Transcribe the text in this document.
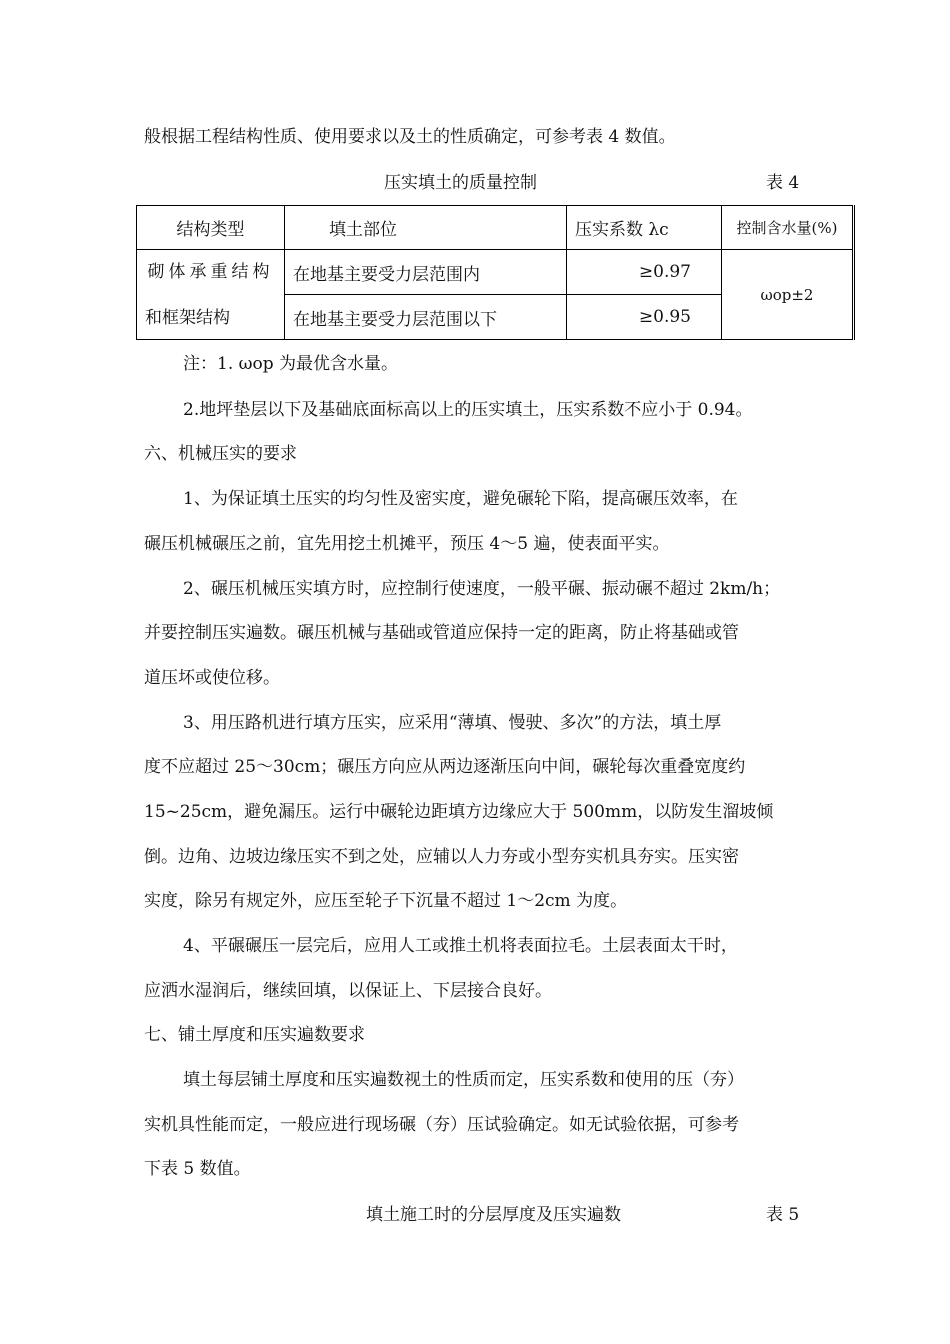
般根据工程结构性质、使用要求以及土的性质确定，可参考表 4 数值。
压实填土的质量控制	表 4
结构类型	填土部位	压实系数 λc	控制含水量(%)

砌体承重结构
和框架结构	在地基主要受力层范围内	≥0.97	ωop±2
	在地基主要受力层范围以下	≥0.95	
注：1. ωop 为最优含水量。
2.地坪垫层以下及基础底面标高以上的压实填土，压实系数不应小于 0.94。
六、机械压实的要求
1、为保证填土压实的均匀性及密实度，避免碾轮下陷，提高碾压效率，在
碾压机械碾压之前，宜先用挖土机摊平，预压 4～5 遍，使表面平实。
2、碾压机械压实填方时，应控制行使速度，一般平碾、振动碾不超过 2km/h；
并要控制压实遍数。碾压机械与基础或管道应保持一定的距离，防止将基础或管
道压坏或使位移。
3、用压路机进行填方压实，应采用“薄填、慢驶、多次”的方法，填土厚
度不应超过 25～30cm；碾压方向应从两边逐渐压向中间，碾轮每次重叠宽度约
15~25cm，避免漏压。运行中碾轮边距填方边缘应大于 500mm，以防发生溜坡倾
倒。边角、边坡边缘压实不到之处，应辅以人力夯或小型夯实机具夯实。压实密
实度，除另有规定外，应压至轮子下沉量不超过 1～2cm 为度。
4、平碾碾压一层完后，应用人工或推土机将表面拉毛。土层表面太干时，
应洒水湿润后，继续回填，以保证上、下层接合良好。
七、铺土厚度和压实遍数要求
填土每层铺土厚度和压实遍数视土的性质而定，压实系数和使用的压（夯）
实机具性能而定，一般应进行现场碾（夯）压试验确定。如无试验依据，可参考
下表 5 数值。
填土施工时的分层厚度及压实遍数	表 5
